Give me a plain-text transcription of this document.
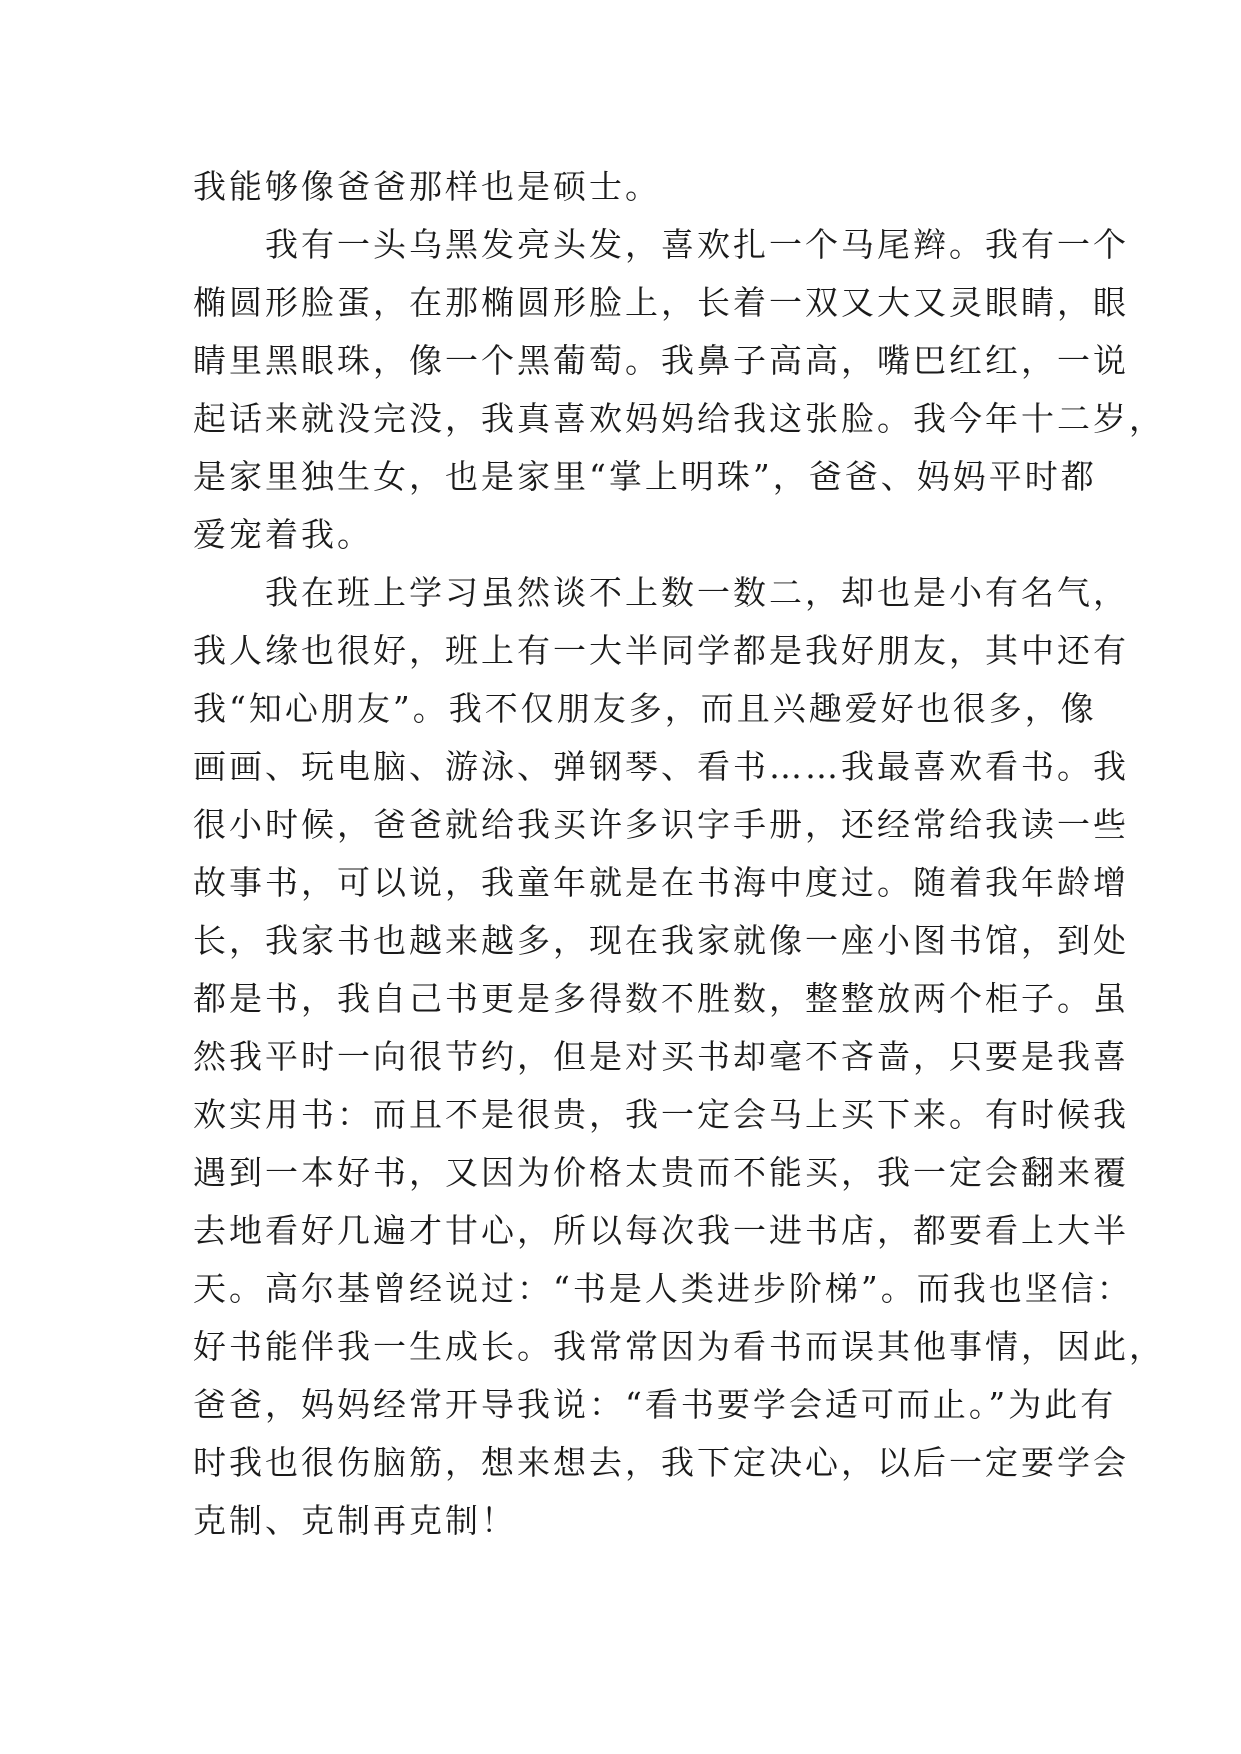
我能够像爸爸那样也是硕士。
我有一头乌黑发亮头发，喜欢扎一个马尾辫。我有一个
椭圆形脸蛋，在那椭圆形脸上，长着一双又大又灵眼睛，眼
睛里黑眼珠，像一个黑葡萄。我鼻子高高，嘴巴红红，一说
起话来就没完没，我真喜欢妈妈给我这张脸。我今年十二岁，
是家里独生女，也是家里“掌上明珠”，爸爸、妈妈平时都
爱宠着我。
我在班上学习虽然谈不上数一数二，却也是小有名气，
我人缘也很好，班上有一大半同学都是我好朋友，其中还有
我“知心朋友”。我不仅朋友多，而且兴趣爱好也很多，像
画画、玩电脑、游泳、弹钢琴、看书……我最喜欢看书。我
很小时候，爸爸就给我买许多识字手册，还经常给我读一些
故事书，可以说，我童年就是在书海中度过。随着我年龄增
长，我家书也越来越多，现在我家就像一座小图书馆，到处
都是书，我自己书更是多得数不胜数，整整放两个柜子。虽
然我平时一向很节约，但是对买书却毫不吝啬，只要是我喜
欢实用书：而且不是很贵，我一定会马上买下来。有时候我
遇到一本好书，又因为价格太贵而不能买，我一定会翻来覆
去地看好几遍才甘心，所以每次我一进书店，都要看上大半
天。高尔基曾经说过：“书是人类进步阶梯”。而我也坚信：
好书能伴我一生成长。我常常因为看书而误其他事情，因此，
爸爸，妈妈经常开导我说：“看书要学会适可而止。”为此有
时我也很伤脑筋，想来想去，我下定决心，以后一定要学会
克制、克制再克制！
